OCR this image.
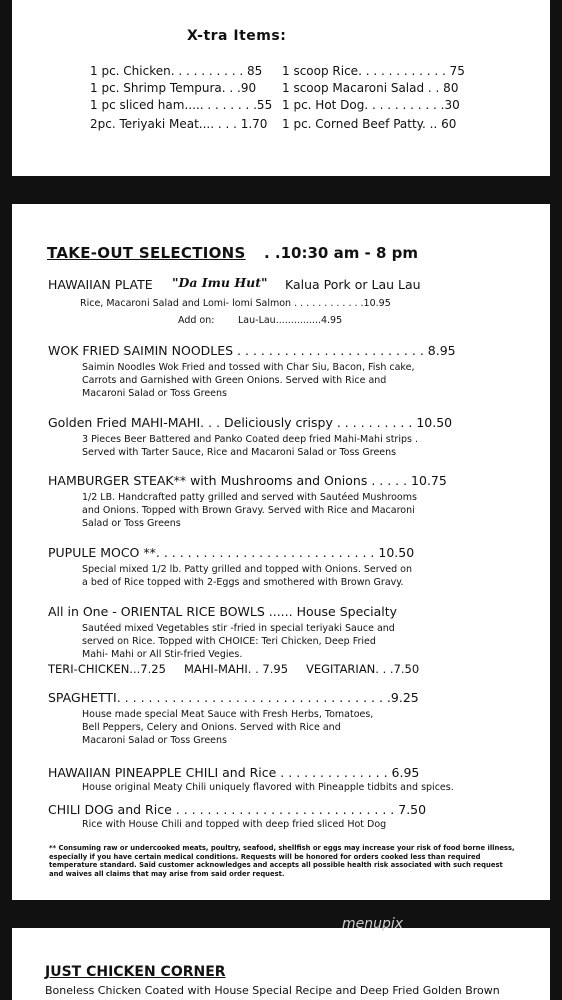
X-tra Items:
1 pc. Chicken. . . . . . . . . . 85
1 pc. Shrimp Tempura. . .90
1 pc sliced ham..... . . . . . . .55
2pc. Teriyaki Meat.... . . . 1.70
1 scoop Rice. . . . . . . . . . . . 75
1 scoop Macaroni Salad . . 80
1 pc. Hot Dog. . . . . . . . . . .30
1 pc. Corned Beef Patty. .. 60
TAKE-OUT SELECTIONS . .10:30 am - 8 pm
HAWAIIAN PLATE "Da Imu Hut" Kalua Pork or Lau Lau
Rice, Macaroni Salad and Lomi- lomi Salmon . . . . . . . . . . . .10.95
Add on: Lau-Lau...............4.95
WOK FRIED SAIMIN NOODLES . . . . . . . . . . . . . . . . . . . . . . . . 8.95
Saimin Noodles Wok Fried and tossed with Char Siu, Bacon, Fish cake,
Carrots and Garnished with Green Onions. Served with Rice and
Macaroni Salad or Toss Greens
Golden Fried MAHI-MAHI. . . Deliciously crispy . . . . . . . . . . 10.50
3 Pieces Beer Battered and Panko Coated deep fried Mahi-Mahi strips .
Served with Tarter Sauce, Rice and Macaroni Salad or Toss Greens
HAMBURGER STEAK** with Mushrooms and Onions . . . . . 10.75
1/2 LB. Handcrafted patty grilled and served with Sautéed Mushrooms
and Onions. Topped with Brown Gravy. Served with Rice and Macaroni
Salad or Toss Greens
PUPULE MOCO **. . . . . . . . . . . . . . . . . . . . . . . . . . . . 10.50
Special mixed 1/2 lb. Patty grilled and topped with Onions. Served on
a bed of Rice topped with 2-Eggs and smothered with Brown Gravy.
All in One - ORIENTAL RICE BOWLS ...... House Specialty
Sautéed mixed Vegetables stir -fried in special teriyaki Sauce and
served on Rice. Topped with CHOICE: Teri Chicken, Deep Fried
Mahi- Mahi or All Stir-fried Vegies.
TERI-CHICKEN...7.25 MAHI-MAHI. . 7.95 VEGITARIAN. . .7.50
SPAGHETTI. . . . . . . . . . . . . . . . . . . . . . . . . . . . . . . . . . .9.25
House made special Meat Sauce with Fresh Herbs, Tomatoes,
Bell Peppers, Celery and Onions. Served with Rice and
Macaroni Salad or Toss Greens
HAWAIIAN PINEAPPLE CHILI and Rice . . . . . . . . . . . . . . 6.95
House original Meaty Chili uniquely flavored with Pineapple tidbits and spices.
CHILI DOG and Rice . . . . . . . . . . . . . . . . . . . . . . . . . . . . 7.50
Rice with House Chili and topped with deep fried sliced Hot Dog
** Consuming raw or undercooked meats, poultry, seafood, shellfish or eggs may increase your risk of food borne illness, especially if you have certain medical conditions. Requests will be honored for orders cooked less than required temperature standard. Said customer acknowledges and accepts all possible health risk associated with such request and waives all claims that may arise from said order request.
menupix
JUST CHICKEN CORNER
Boneless Chicken Coated with House Special Recipe and Deep Fried Golden Brown
